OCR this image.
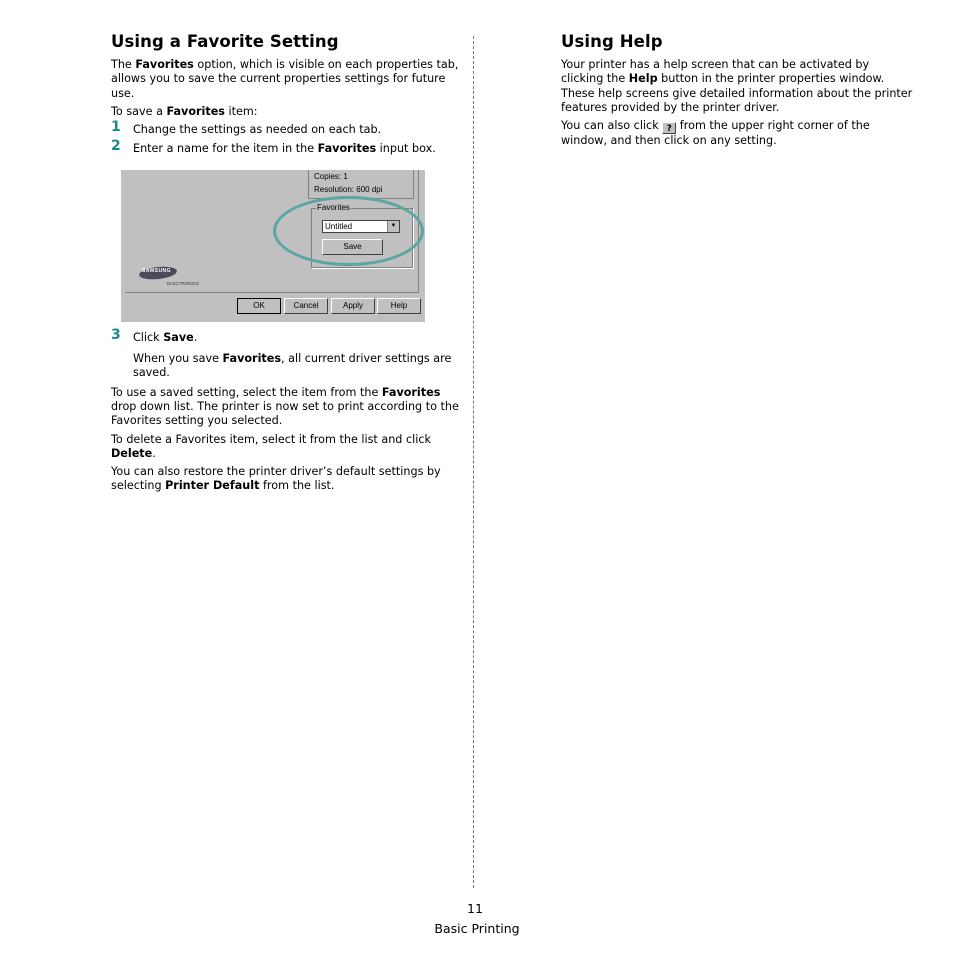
Using a Favorite Setting

The Favorites option, which is visible on each properties tab, allows you to save the current properties settings for future use.

To save a Favorites item:

1 Change the settings as needed on each tab.
2 Enter a name for the item in the Favorites input box.
Copies: 1
Resolution: 600 dpi
Favorites
Untitled	▼
Save
SAMSUNG
ELECTRONICS
OK	Cancel	Apply	Help
3 Click Save.

When you save Favorites, all current driver settings are saved.

To use a saved setting, select the item from the Favorites drop down list. The printer is now set to print according to the Favorites setting you selected.

To delete a Favorites item, select it from the list and click Delete.

You can also restore the printer driver’s default settings by selecting Printer Default from the list.

Using Help

Your printer has a help screen that can be activated by clicking the Help button in the printer properties window. These help screens give detailed information about the printer features provided by the printer driver.

You can also click ? from the upper right corner of the window, and then click on any setting.

11
Basic Printing
